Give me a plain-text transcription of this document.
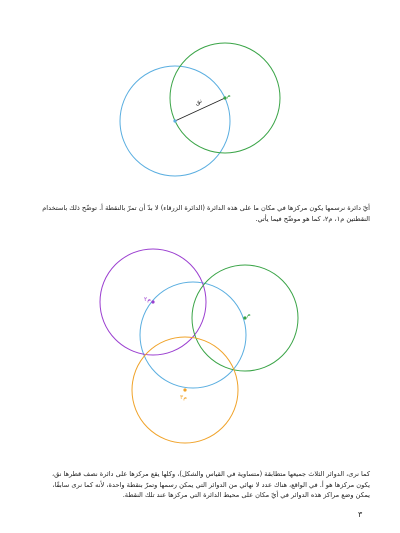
نق
م
م٢
م
م٣

أيّ دائرة نرسمها يكون مركزها في مكان ما على هذه الدائرة (الدائرة الزرقاء) لا بدّ أن تمرّ بالنقطة أ. توضّح ذلك باستخدام

النقطتين م١، م٢، كما هو موضّح فيما يأتي.

كما نرى، الدوائر الثلاث جميعها متطابقة (متساوية في القياس والشكل)، وكلها يقع مركزها على دائرة نصف قطرها نق،

يكون مركزها هو أ. في الواقع، هناك عدد لا نهائي من الدوائر التي يمكن رسمها وتمرّ بنقطة واحدة، لأنه كما نرى سابقًا،

يمكن وضع مراكز هذه الدوائر في أيّ مكان على محيط الدائرة التي مركزها عند تلك النقطة.

٣
